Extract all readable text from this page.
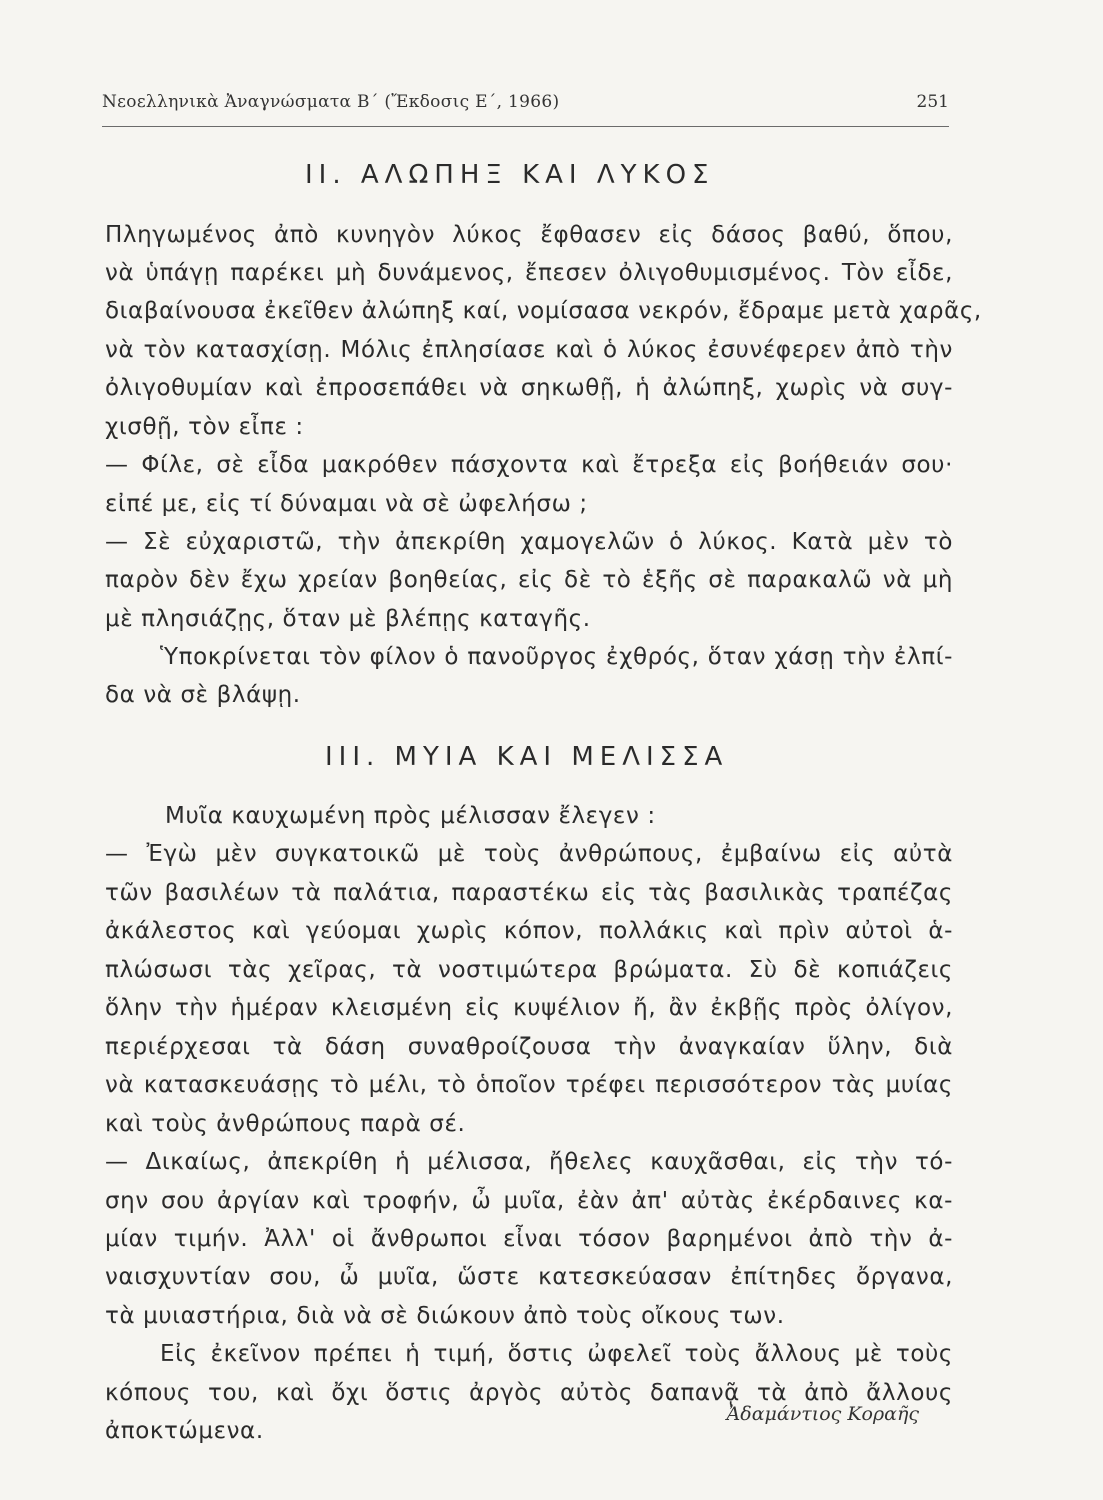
Νεοελληνικὰ Ἀναγνώσματα Β΄ (Ἔκδοσις Ε΄, 1966)	251
II. ΑΛΩΠΗΞ ΚΑΙ ΛΥΚΟΣ
Πληγωμένος ἀπὸ κυνηγὸν λύκος ἔφθασεν εἰς δάσος βαθύ, ὅπου,
νὰ ὑπάγῃ παρέκει μὴ δυνάμενος, ἔπεσεν ὀλιγοθυμισμένος. Τὸν εἶδε,
διαβαίνουσα ἐκεῖθεν ἀλώπηξ καί, νομίσασα νεκρόν, ἔδραμε μετὰ χαρᾶς,
νὰ τὸν κατασχίσῃ. Μόλις ἐπλησίασε καὶ ὁ λύκος ἐσυνέφερεν ἀπὸ τὴν
ὀλιγοθυμίαν καὶ ἐπροσεπάθει νὰ σηκωθῇ, ἡ ἀλώπηξ, χωρὶς νὰ συγ-
χισθῇ, τὸν εἶπε :
— Φίλε, σὲ εἶδα μακρόθεν πάσχοντα καὶ ἔτρεξα εἰς βοήθειάν σου·
εἰπέ με, εἰς τί δύναμαι νὰ σὲ ὠφελήσω ;
— Σὲ εὐχαριστῶ, τὴν ἀπεκρίθη χαμογελῶν ὁ λύκος. Κατὰ μὲν τὸ
παρὸν δὲν ἔχω χρείαν βοηθείας, εἰς δὲ τὸ ἑξῆς σὲ παρακαλῶ νὰ μὴ
μὲ πλησιάζῃς, ὅταν μὲ βλέπῃς καταγῆς.
Ὑποκρίνεται τὸν φίλον ὁ πανοῦργος ἐχθρός, ὅταν χάσῃ τὴν ἐλπί-
δα νὰ σὲ βλάψῃ.
III. ΜΥΙΑ ΚΑΙ ΜΕΛΙΣΣΑ
Μυῖα καυχωμένη πρὸς μέλισσαν ἔλεγεν :
— Ἐγὼ μὲν συγκατοικῶ μὲ τοὺς ἀνθρώπους, ἐμβαίνω εἰς αὐτὰ
τῶν βασιλέων τὰ παλάτια, παραστέκω εἰς τὰς βασιλικὰς τραπέζας
ἀκάλεστος καὶ γεύομαι χωρὶς κόπον, πολλάκις καὶ πρὶν αὐτοὶ ἁ-
πλώσωσι τὰς χεῖρας, τὰ νοστιμώτερα βρώματα. Σὺ δὲ κοπιάζεις
ὅλην τὴν ἡμέραν κλεισμένη εἰς κυψέλιον ἤ, ἂν ἐκβῇς πρὸς ὀλίγον,
περιέρχεσαι τὰ δάση συναθροίζουσα τὴν ἀναγκαίαν ὕλην, διὰ
νὰ κατασκευάσῃς τὸ μέλι, τὸ ὁποῖον τρέφει περισσότερον τὰς μυίας
καὶ τοὺς ἀνθρώπους παρὰ σέ.
— Δικαίως, ἀπεκρίθη ἡ μέλισσα, ἤθελες καυχᾶσθαι, εἰς τὴν τό-
σην σου ἀργίαν καὶ τροφήν, ὦ μυῖα, ἐὰν ἀπ' αὐτὰς ἐκέρδαινες κα-
μίαν τιμήν. Ἀλλ' οἱ ἄνθρωποι εἶναι τόσον βαρημένοι ἀπὸ τὴν ἀ-
ναισχυντίαν σου, ὦ μυῖα, ὥστε κατεσκεύασαν ἐπίτηδες ὄργανα,
τὰ μυιαστήρια, διὰ νὰ σὲ διώκουν ἀπὸ τοὺς οἴκους των.
Εἰς ἐκεῖνον πρέπει ἡ τιμή, ὅστις ὠφελεῖ τοὺς ἄλλους μὲ τοὺς
κόπους του, καὶ ὄχι ὅστις ἀργὸς αὐτὸς δαπανᾷ τὰ ἀπὸ ἄλλους
ἀποκτώμενα.
Ἀδαμάντιος Κοραῆς
